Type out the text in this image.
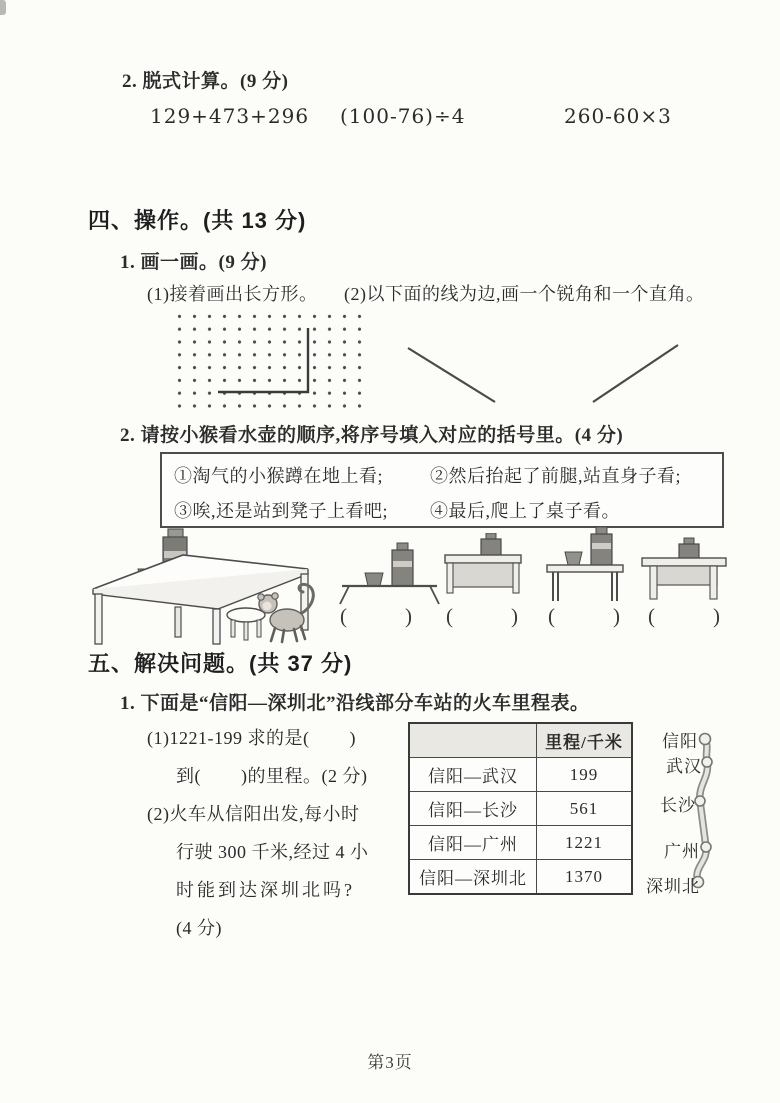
2. 脱式计算。(9 分)
129+473+296 (100-76)÷4	260-60×3
四、操作。(共 13 分)
1. 画一画。(9 分)
(1)接着画出长方形。 (2)以下面的线为边,画一个锐角和一个直角。
2. 请按小猴看水壶的顺序,将序号填入对应的括号里。(4 分)
①淘气的小猴蹲在地上看;	②然后抬起了前腿,站直身子看;
③唉,还是站到凳子上看吧; ④最后,爬上了桌子看。
(	) (	) (	) (	)
五、解决问题。(共 37 分)
1. 下面是“信阳—深圳北”沿线部分车站的火车里程表。
(1)1221-199 求的是(        )
到(        )的里程。(2 分)
(2)火车从信阳出发,每小时
行驶 300 千米,经过 4 小
时能到达深圳北吗?
(4 分)
	里程/千米
信阳—武汉	199
信阳—长沙	561
信阳—广州	1221
信阳—深圳北	1370
信阳
武汉
长沙
广州
深圳北
第3页
